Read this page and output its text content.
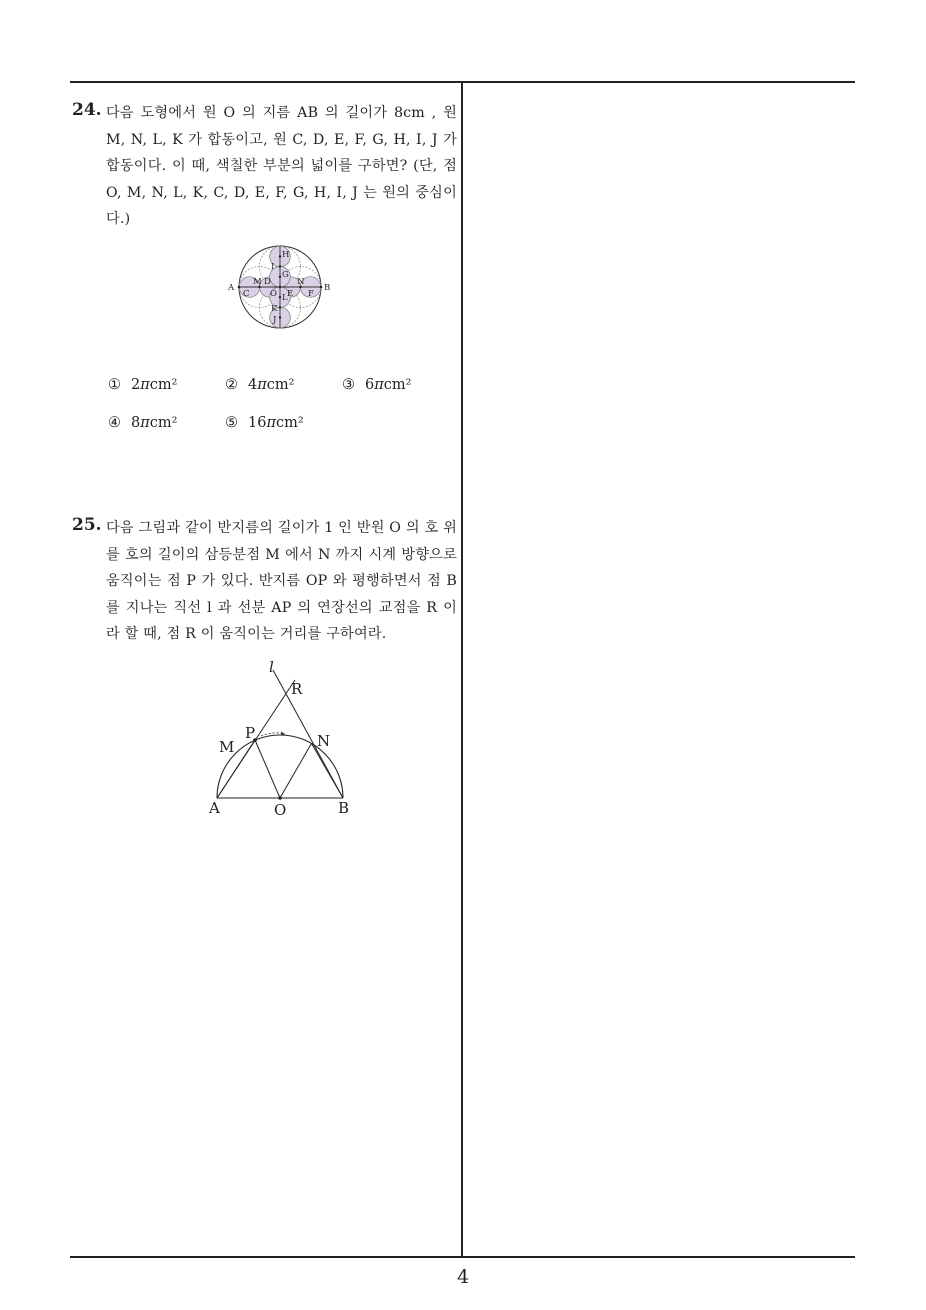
24. 다음 도형에서 원 O 의 지름 AB 의 길이가 8cm , 원 M, N, L, K 가 합동이고, 원 C, D, E, F, G, H, I, J 가 합동이다. 이 때, 색칠한 부분의 넓이를 구하면? (단, 점 O, M, N, L, K, C, D, E, F, G, H, I, J 는 원의 중심이다.)
A	B
M D
C O E
N
F
G
I
H
L
K
J
① 2πcm²	② 4πcm²	③ 6πcm²
④ 8πcm²	⑤ 16πcm²
25. 다음 그림과 같이 반지름의 길이가 1 인 반원 O 의 호 위를 호의 길이의 삼등분점 M 에서 N 까지 시계 방향으로 움직이는 점 P 가 있다. 반지름 OP 와 평행하면서 점 B 를 지나는 직선 l 과 선분 AP 의 연장선의 교점을 R 이라 할 때, 점 R 이 움직이는 거리를 구하여라.
l
R
P
M	N
A	O	B
4
